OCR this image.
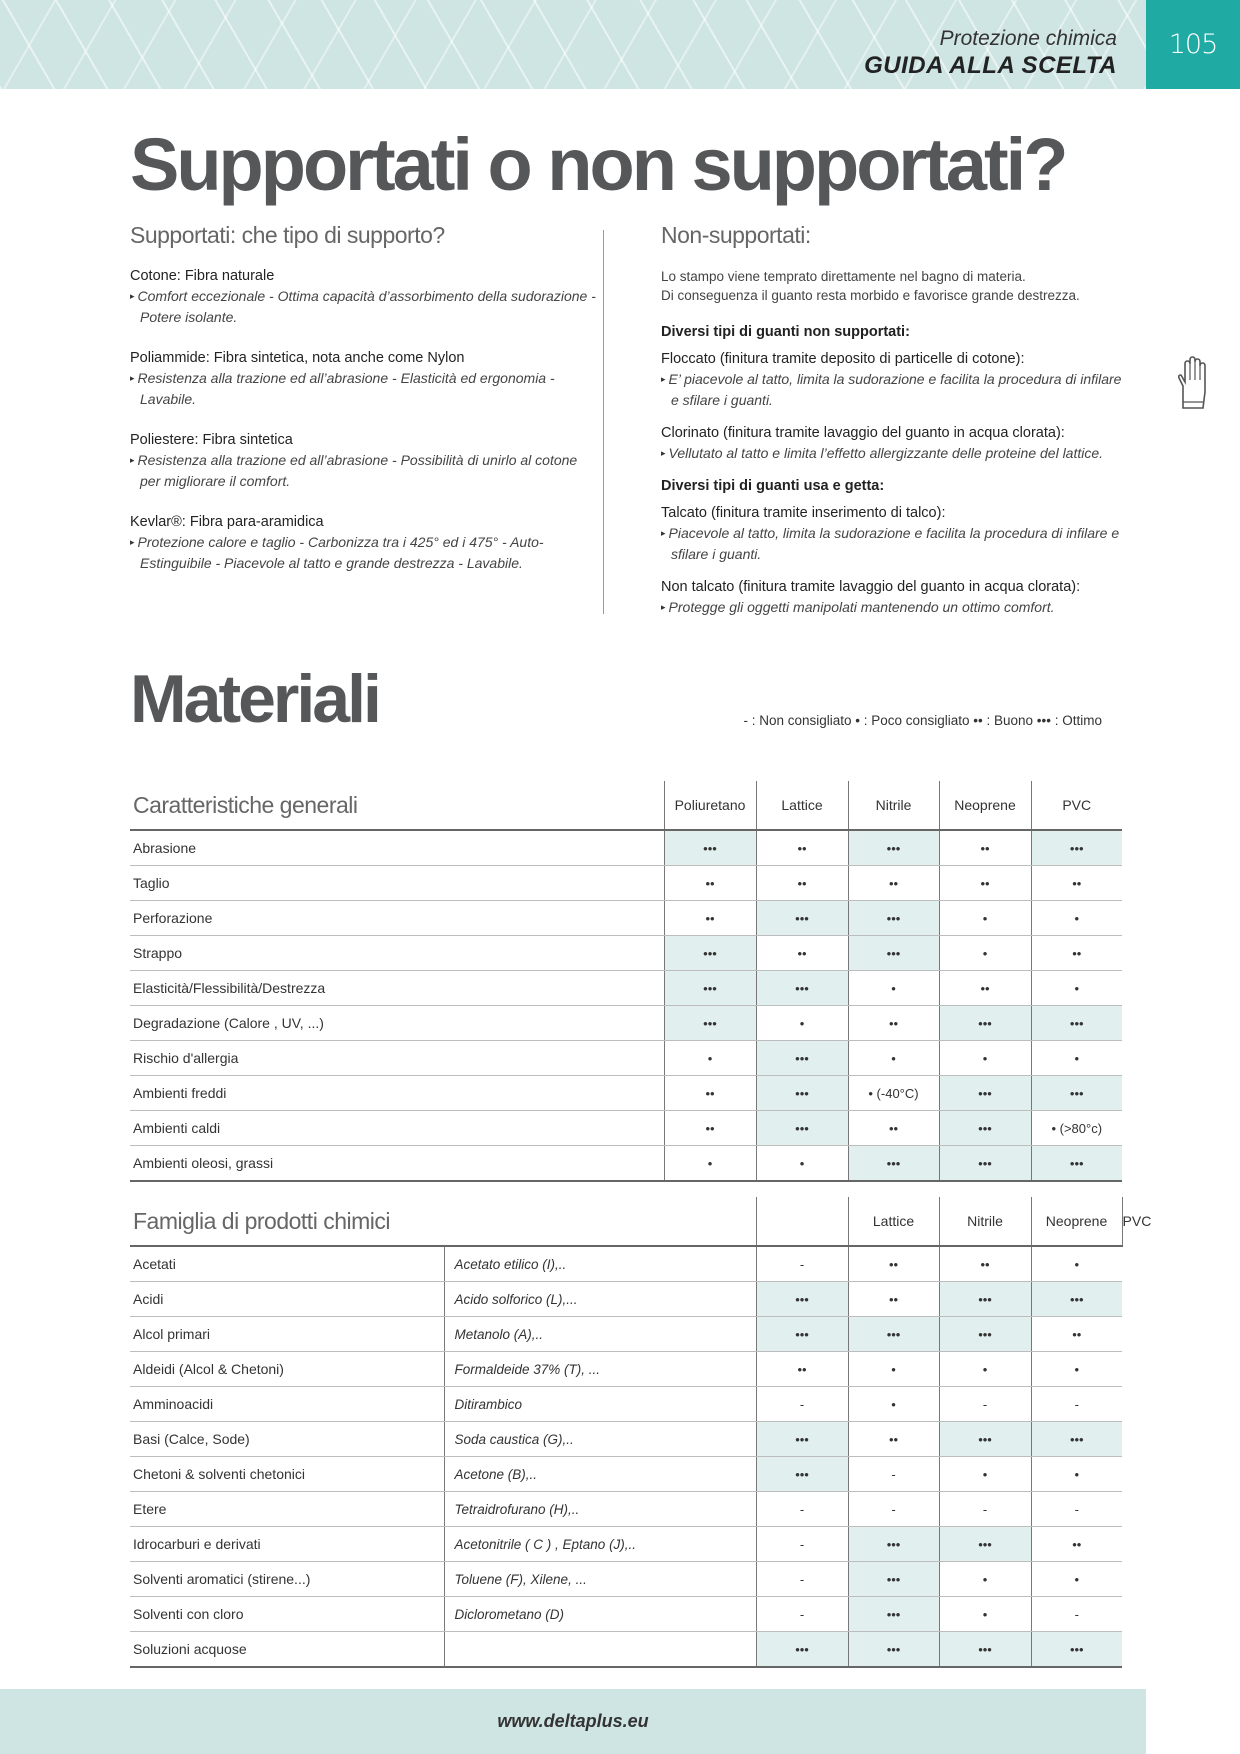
Protezione chimica
GUIDA ALLA SCELTA
105
Supportati o non supportati?

Supportati: che tipo di supporto?

Cotone: Fibra naturale

▸ Comfort eccezionale - Ottima capacità d’assorbimento della sudorazione - Potere isolante.

Poliammide: Fibra sintetica, nota anche come Nylon

▸ Resistenza alla trazione ed all’abrasione - Elasticità ed ergonomia - Lavabile.

Poliestere: Fibra sintetica

▸ Resistenza alla trazione ed all’abrasione - Possibilità di unirlo al cotone per migliorare il comfort.

Kevlar®: Fibra para-aramidica

▸ Protezione calore e taglio - Carbonizza tra i 425° ed i 475° - Auto-Estinguibile - Piacevole al tatto e grande destrezza - Lavabile.

Non-supportati:

Lo stampo viene temprato direttamente nel bagno di materia.

Di conseguenza il guanto resta morbido e favorisce grande destrezza.

Diversi tipi di guanti non supportati:

Floccato (finitura tramite deposito di particelle di cotone):

▸ E’ piacevole al tatto, limita la sudorazione e facilita la procedura di infilare e sfilare i guanti.

Clorinato (finitura tramite lavaggio del guanto in acqua clorata):

▸ Vellutato al tatto e limita l’effetto allergizzante delle proteine del lattice.

Diversi tipi di guanti usa e getta:

Talcato (finitura tramite inserimento di talco):

▸ Piacevole al tatto, limita la sudorazione e facilita la procedura di infilare e sfilare i guanti.

Non talcato (finitura tramite lavaggio del guanto in acqua clorata):

▸ Protegge gli oggetti manipolati mantenendo un ottimo comfort.

Materiali	- : Non consigliato • : Poco consigliato •• : Buono ••• : Ottimo
Caratteristiche generali	Poliuretano	Lattice	Nitrile	Neoprene	PVC
Abrasione	•••	••	•••	••	•••
Taglio	••	••	••	••	••
Perforazione	••	•••	•••	•	•
Strappo	•••	••	•••	•	••
Elasticità/Flessibilità/Destrezza	•••	•••	•	••	•
Degradazione (Calore , UV, ...)	•••	•	••	•••	•••
Rischio d'allergia	•	•••	•	•	•
Ambienti freddi	••	•••	• (-40°C)	•••	•••
Ambienti caldi	••	•••	••	•••	• (>80°c)
Ambienti oleosi, grassi	•	•	•••	•••	•••
Famiglia di prodotti chimici			Lattice	Nitrile	Neoprene	PVC
Acetati	Acetato etilico (I),..	-	••	••	•	
Acidi	Acido solforico (L),...	•••	••	•••	•••	
Alcol primari	Metanolo (A),..	•••	•••	•••	••	
Aldeidi (Alcol & Chetoni)	Formaldeide 37% (T), ...	••	•	•	•	
Amminoacidi	Ditirambico	-	•	-	-	
Basi (Calce, Sode)	Soda caustica (G),..	•••	••	•••	•••	
Chetoni & solventi chetonici	Acetone (B),..	•••	-	•	•	
Etere	Tetraidrofurano (H),..	-	-	-	-	
Idrocarburi e derivati	Acetonitrile ( C ) , Eptano (J),..	-	•••	•••	••	
Solventi aromatici (stirene...)	Toluene (F), Xilene, ...	-	•••	•	•	
Solventi con cloro	Diclorometano (D)	-	•••	•	-	
Soluzioni acquose		•••	•••	•••	•••	
www.deltaplus.eu
